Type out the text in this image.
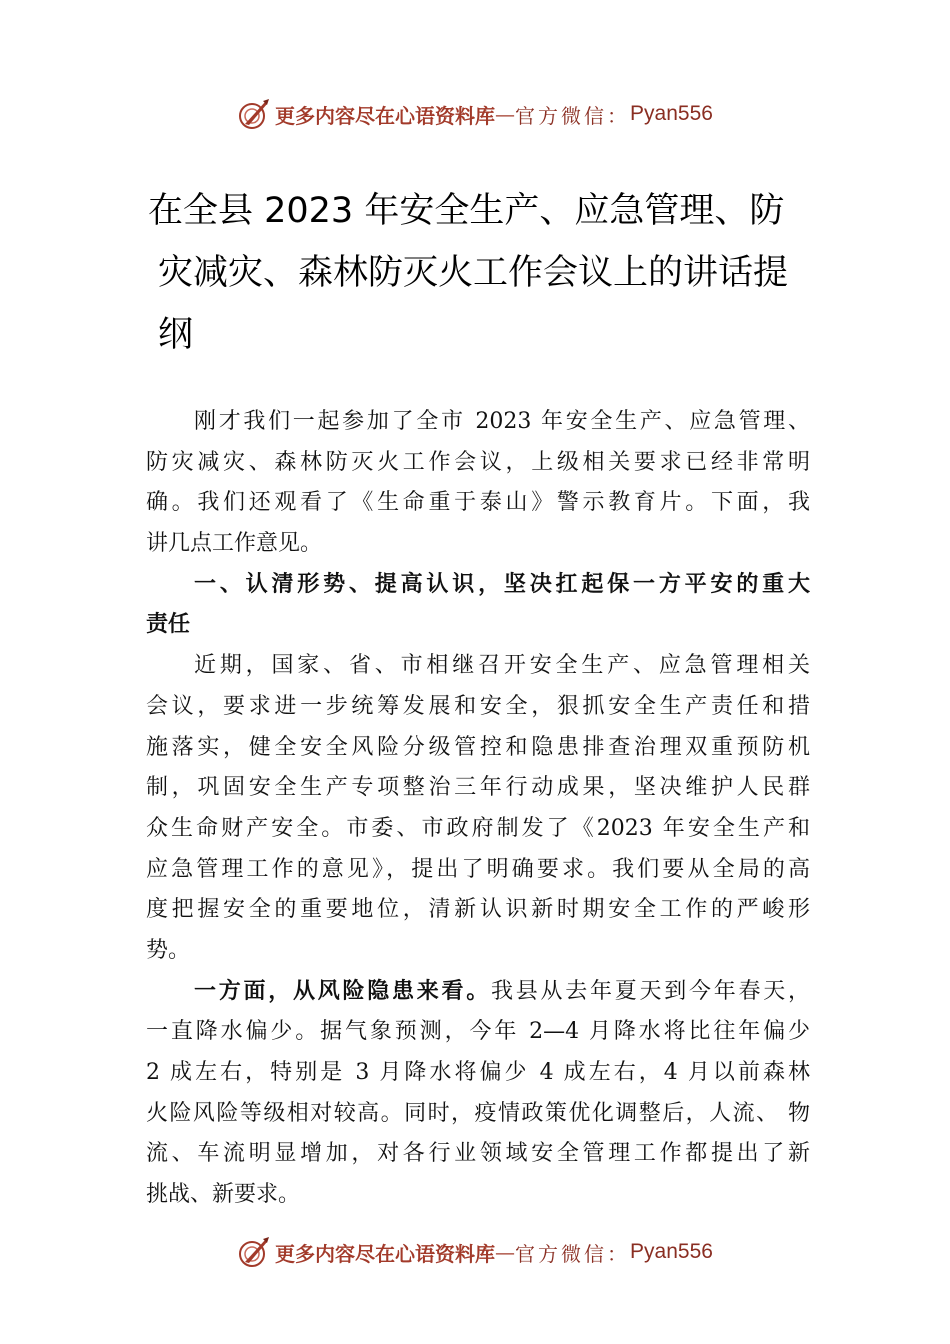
更多内容尽在心语资料库 — 官方微信： Pyan556
在全县 2023 年安全生产、应急管理、防
灾减灾、森林防灭火工作会议上的讲话提
纲
刚才我们一起参加了全市 2023 年安全生产、应急管理、
防灾减灾、森林防灭火工作会议，上级相关要求已经非常明
确。我们还观看了《生命重于泰山》警示教育片。下面，我
讲几点工作意见。
一、认清形势、提高认识，坚决扛起保一方平安的重大
责任
近期，国家、省、市相继召开安全生产、应急管理相关
会议，要求进一步统筹发展和安全，狠抓安全生产责任和措
施落实，健全安全风险分级管控和隐患排查治理双重预防机
制，巩固安全生产专项整治三年行动成果，坚决维护人民群
众生命财产安全。市委、市政府制发了《2023 年安全生产和
应急管理工作的意见》，提出了明确要求。我们要从全局的高
度把握安全的重要地位，清新认识新时期安全工作的严峻形
势。
一方面，从风险隐患来看。我县从去年夏天到今年春天，
一直降水偏少。据气象预测，今年 2—4 月降水将比往年偏少
2 成左右，特别是 3 月降水将偏少 4 成左右，4 月以前森林
火险风险等级相对较高。同时，疫情政策优化调整后，人流、 物
流、车流明显增加，对各行业领域安全管理工作都提出了新
挑战、新要求。
更多内容尽在心语资料库 — 官方微信： Pyan556
